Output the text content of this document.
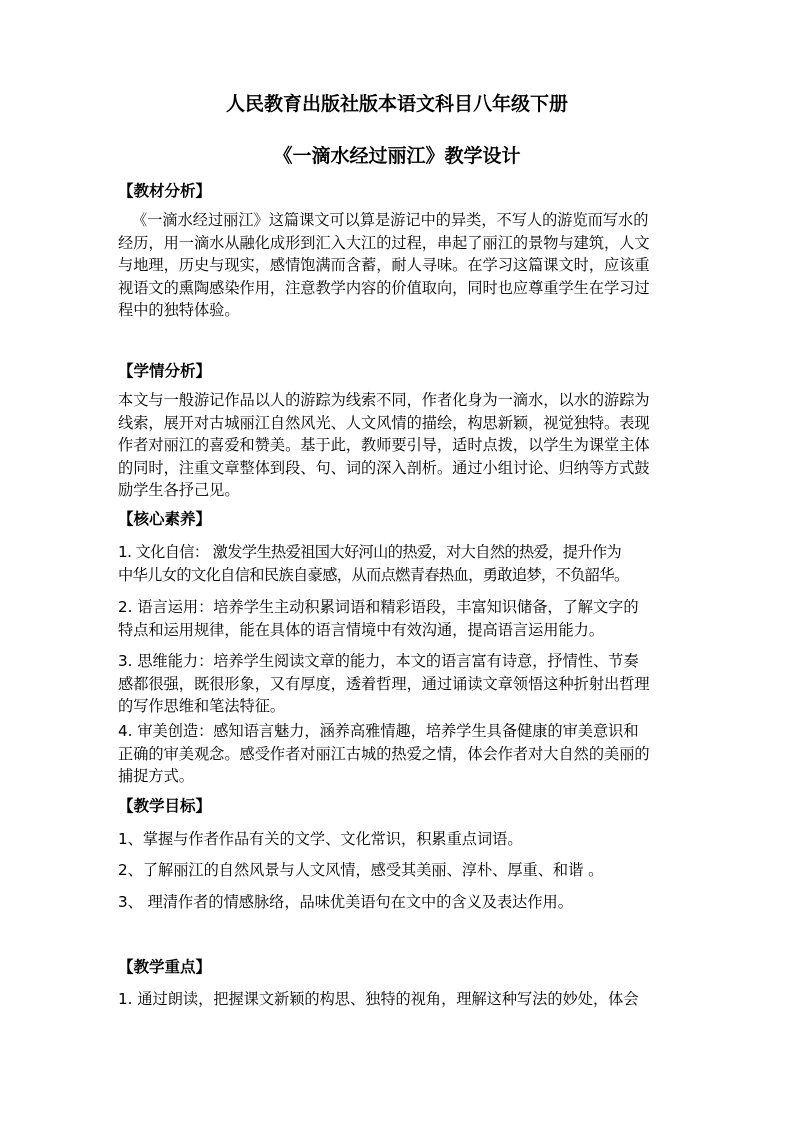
人民教育出版社版本语文科目八年级下册
《一滴水经过丽江》教学设计
【教材分析】
《一滴水经过丽江》这篇课文可以算是游记中的异类，不写人的游览而写水的
经历，用一滴水从融化成形到汇入大江的过程，串起了丽江的景物与建筑，人文
与地理，历史与现实，感情饱满而含蓄，耐人寻味。在学习这篇课文时，应该重
视语文的熏陶感染作用，注意教学内容的价值取向，同时也应尊重学生在学习过
程中的独特体验。
【学情分析】
本文与一般游记作品以人的游踪为线索不同，作者化身为一滴水，以水的游踪为
线索，展开对古城丽江自然风光、人文风情的描绘，构思新颖，视觉独特。表现
作者对丽江的喜爱和赞美。基于此，教师要引导，适时点拨，以学生为课堂主体
的同时，注重文章整体到段、句、词的深入剖析。通过小组讨论、归纳等方式鼓
励学生各抒己见。
【核心素养】
1. 文化自信： 激发学生热爱祖国大好河山的热爱，对大自然的热爱，提升作为
中华儿女的文化自信和民族自豪感，从而点燃青春热血，勇敢追梦，不负韶华。
2. 语言运用：培养学生主动积累词语和精彩语段，丰富知识储备，了解文字的
特点和运用规律，能在具体的语言情境中有效沟通，提高语言运用能力。
3. 思维能力：培养学生阅读文章的能力，本文的语言富有诗意，抒情性、节奏
感都很强，既很形象，又有厚度，透着哲理，通过诵读文章领悟这种折射出哲理
的写作思维和笔法特征。
4. 审美创造：感知语言魅力，涵养高雅情趣，培养学生具备健康的审美意识和
正确的审美观念。感受作者对丽江古城的热爱之情，体会作者对大自然的美丽的
捕捉方式。
【教学目标】
1、掌握与作者作品有关的文学、文化常识，积累重点词语。
2、了解丽江的自然风景与人文风情，感受其美丽、淳朴、厚重、和谐 。
3、 理清作者的情感脉络，品味优美语句在文中的含义及表达作用。
【教学重点】
1. 通过朗读，把握课文新颖的构思、独特的视角，理解这种写法的妙处，体会
